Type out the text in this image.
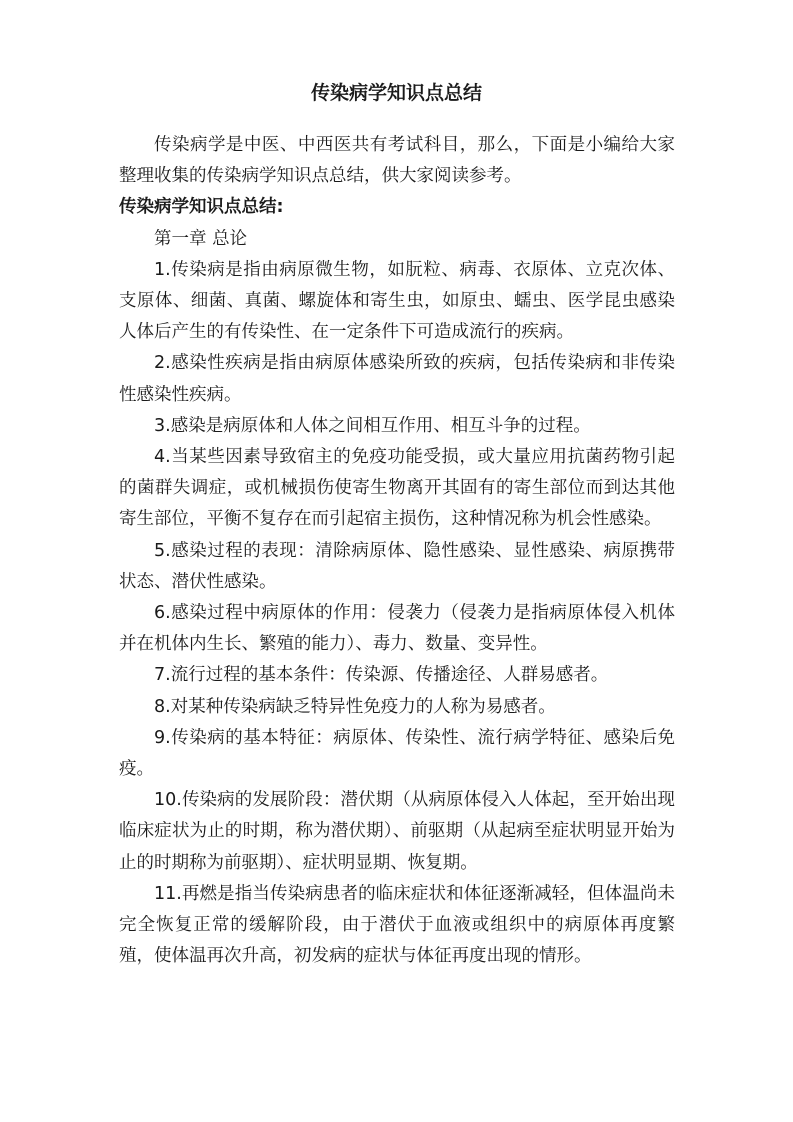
传染病学知识点总结

传染病学是中医、中西医共有考试科目，那么，下面是小编给大家整理收集的传染病学知识点总结，供大家阅读参考。

传染病学知识点总结:

第一章 总论

1.传染病是指由病原微生物，如朊粒、病毒、衣原体、立克次体、支原体、细菌、真菌、螺旋体和寄生虫，如原虫、蠕虫、医学昆虫感染人体后产生的有传染性、在一定条件下可造成流行的疾病。

2.感染性疾病是指由病原体感染所致的疾病，包括传染病和非传染性感染性疾病。

3.感染是病原体和人体之间相互作用、相互斗争的过程。

4.当某些因素导致宿主的免疫功能受损，或大量应用抗菌药物引起的菌群失调症，或机械损伤使寄生物离开其固有的寄生部位而到达其他寄生部位，平衡不复存在而引起宿主损伤，这种情况称为机会性感染。

5.感染过程的表现：清除病原体、隐性感染、显性感染、病原携带状态、潜伏性感染。

6.感染过程中病原体的作用：侵袭力（侵袭力是指病原体侵入机体并在机体内生长、繁殖的能力）、毒力、数量、变异性。

7.流行过程的基本条件：传染源、传播途径、人群易感者。

8.对某种传染病缺乏特异性免疫力的人称为易感者。

9.传染病的基本特征：病原体、传染性、流行病学特征、感染后免疫。

10.传染病的发展阶段：潜伏期（从病原体侵入人体起，至开始出现临床症状为止的时期，称为潜伏期）、前驱期（从起病至症状明显开始为止的时期称为前驱期）、症状明显期、恢复期。

11.再燃是指当传染病患者的临床症状和体征逐渐减轻，但体温尚未完全恢复正常的缓解阶段，由于潜伏于血液或组织中的病原体再度繁殖，使体温再次升高，初发病的症状与体征再度出现的情形。
